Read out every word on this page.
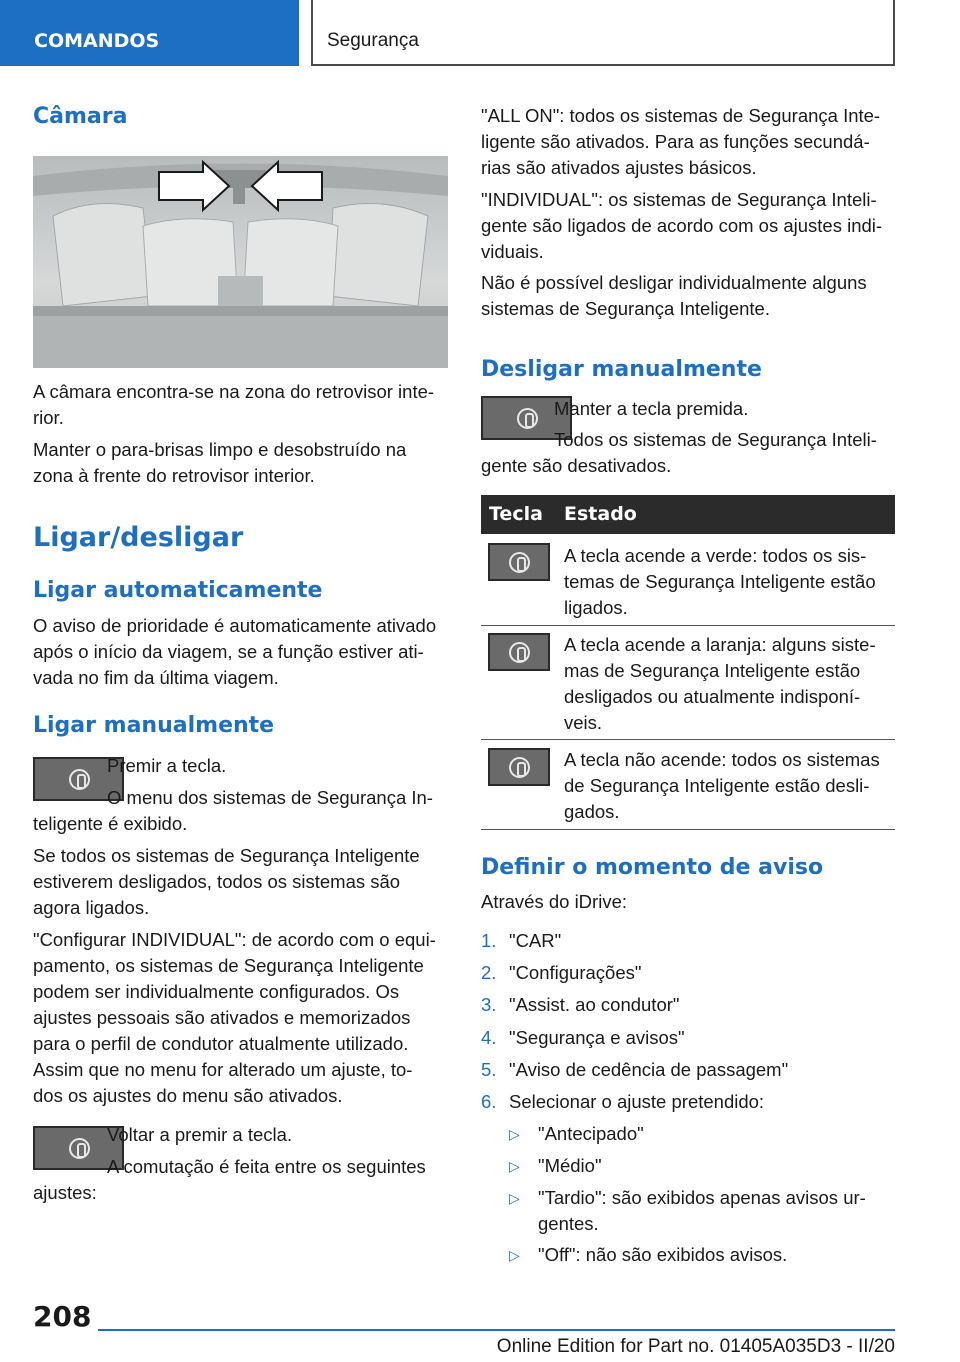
COMANDOS	Segurança
Câmara
A câmara encontra-se na zona do retrovisor inte-
rior.
Manter o para-brisas limpo e desobstruído na
zona à frente do retrovisor interior.
Ligar/desligar
Ligar automaticamente
O aviso de prioridade é automaticamente ativado
após o início da viagem, se a função estiver ati-
vada no fim da última viagem.
Ligar manualmente
Premir a tecla.
O menu dos sistemas de Segurança In-
teligente é exibido.
Se todos os sistemas de Segurança Inteligente
estiverem desligados, todos os sistemas são
agora ligados.
"Configurar INDIVIDUAL": de acordo com o equi-
pamento, os sistemas de Segurança Inteligente
podem ser individualmente configurados. Os
ajustes pessoais são ativados e memorizados
para o perfil de condutor atualmente utilizado.
Assim que no menu for alterado um ajuste, to-
dos os ajustes do menu são ativados.
Voltar a premir a tecla.
A comutação é feita entre os seguintes
ajustes:
"ALL ON": todos os sistemas de Segurança Inte-
ligente são ativados. Para as funções secundá-
rias são ativados ajustes básicos.
"INDIVIDUAL": os sistemas de Segurança Inteli-
gente são ligados de acordo com os ajustes indi-
viduais.
Não é possível desligar individualmente alguns
sistemas de Segurança Inteligente.
Desligar manualmente
Manter a tecla premida.
Todos os sistemas de Segurança Inteli-
gente são desativados.
Tecla Estado
A tecla acende a verde: todos os sis-
temas de Segurança Inteligente estão
ligados.
A tecla acende a laranja: alguns siste-
mas de Segurança Inteligente estão
desligados ou atualmente indisponí-
veis.
A tecla não acende: todos os sistemas
de Segurança Inteligente estão desli-
gados.
Definir o momento de aviso
Através do iDrive:
1. "CAR"
2. "Configurações"
3. "Assist. ao condutor"
4. "Segurança e avisos"
5. "Aviso de cedência de passagem"
6. Selecionar o ajuste pretendido:
▷ "Antecipado"
▷ "Médio"
▷ "Tardio": são exibidos apenas avisos ur-
gentes.
▷ "Off": não são exibidos avisos.
208
Online Edition for Part no. 01405A035D3 - II/20
